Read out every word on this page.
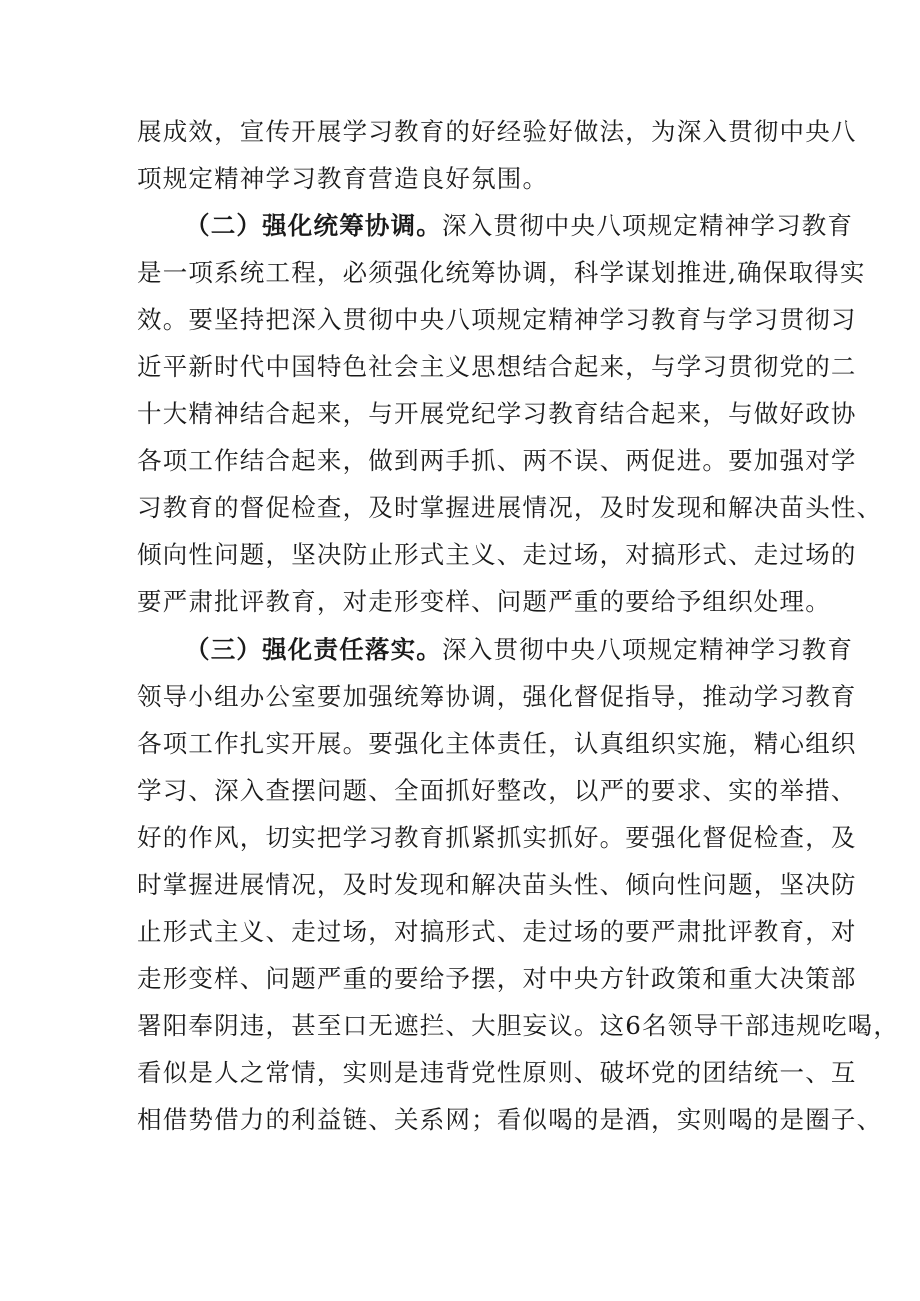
展成效，宣传开展学习教育的好经验好做法，为深入贯彻中央八
项规定精神学习教育营造良好氛围。
（二）强化统筹协调。深入贯彻中央八项规定精神学习教育
是一项系统工程，必须强化统筹协调，科学谋划推进,确保取得实
效。要坚持把深入贯彻中央八项规定精神学习教育与学习贯彻习
近平新时代中国特色社会主义思想结合起来，与学习贯彻党的二
十大精神结合起来，与开展党纪学习教育结合起来，与做好政协
各项工作结合起来，做到两手抓、两不误、两促进。要加强对学
习教育的督促检查，及时掌握进展情况，及时发现和解决苗头性、
倾向性问题，坚决防止形式主义、走过场，对搞形式、走过场的
要严肃批评教育，对走形变样、问题严重的要给予组织处理。
（三）强化责任落实。深入贯彻中央八项规定精神学习教育
领导小组办公室要加强统筹协调，强化督促指导，推动学习教育
各项工作扎实开展。要强化主体责任，认真组织实施，精心组织
学习、深入查摆问题、全面抓好整改，以严的要求、实的举措、
好的作风，切实把学习教育抓紧抓实抓好。要强化督促检查，及
时掌握进展情况，及时发现和解决苗头性、倾向性问题，坚决防
止形式主义、走过场，对搞形式、走过场的要严肃批评教育，对
走形变样、问题严重的要给予摆，对中央方针政策和重大决策部
署阳奉阴违，甚至口无遮拦、大胆妄议。这6名领导干部违规吃喝，
看似是人之常情，实则是违背党性原则、破坏党的团结统一、互
相借势借力的利益链、关系网；看似喝的是酒，实则喝的是圈子、
